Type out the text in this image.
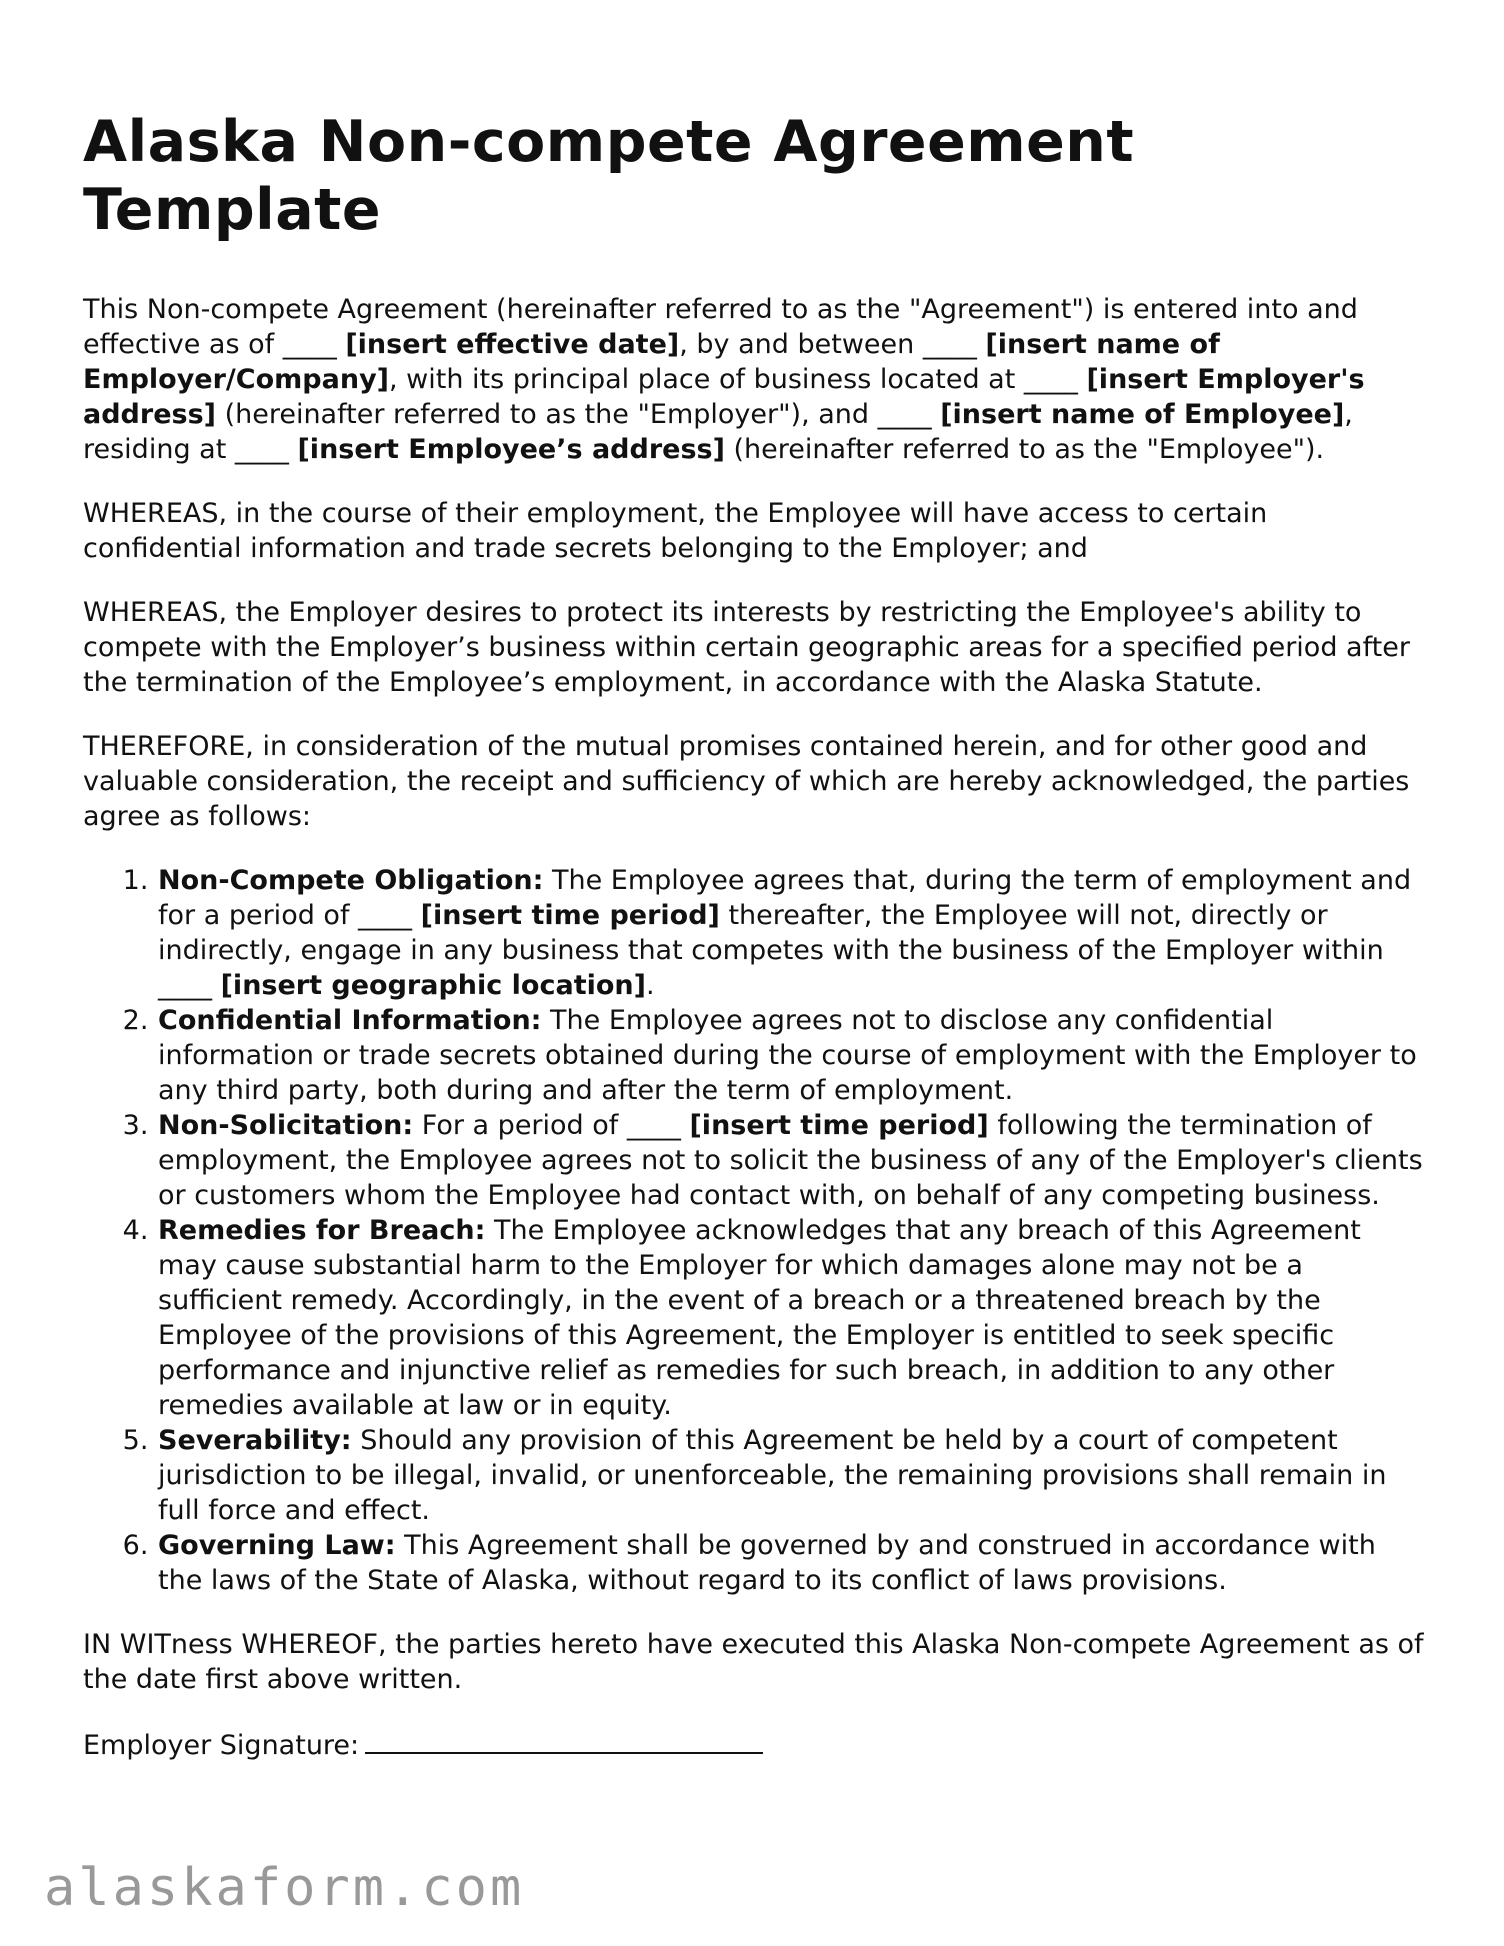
Alaska Non-compete Agreement Template

This Non-compete Agreement (hereinafter referred to as the "Agreement") is entered into and effective as of ____ [insert effective date], by and between ____ [insert name of Employer/Company], with its principal place of business located at ____ [insert Employer's address] (hereinafter referred to as the "Employer"), and ____ [insert name of Employee], residing at ____ [insert Employee’s address] (hereinafter referred to as the "Employee").

WHEREAS, in the course of their employment, the Employee will have access to certain confidential information and trade secrets belonging to the Employer; and

WHEREAS, the Employer desires to protect its interests by restricting the Employee's ability to compete with the Employer’s business within certain geographic areas for a specified period after the termination of the Employee’s employment, in accordance with the Alaska Statute.

THEREFORE, in consideration of the mutual promises contained herein, and for other good and valuable consideration, the receipt and sufficiency of which are hereby acknowledged, the parties agree as follows:

1. Non-Compete Obligation: The Employee agrees that, during the term of employment and for a period of ____ [insert time period] thereafter, the Employee will not, directly or indirectly, engage in any business that competes with the business of the Employer within ____ [insert geographic location].
2. Confidential Information: The Employee agrees not to disclose any confidential information or trade secrets obtained during the course of employment with the Employer to any third party, both during and after the term of employment.
3. Non-Solicitation: For a period of ____ [insert time period] following the termination of employment, the Employee agrees not to solicit the business of any of the Employer's clients or customers whom the Employee had contact with, on behalf of any competing business.
4. Remedies for Breach: The Employee acknowledges that any breach of this Agreement may cause substantial harm to the Employer for which damages alone may not be a sufficient remedy. Accordingly, in the event of a breach or a threatened breach by the Employee of the provisions of this Agreement, the Employer is entitled to seek specific performance and injunctive relief as remedies for such breach, in addition to any other remedies available at law or in equity.
5. Severability: Should any provision of this Agreement be held by a court of competent jurisdiction to be illegal, invalid, or unenforceable, the remaining provisions shall remain in full force and effect.
6. Governing Law: This Agreement shall be governed by and construed in accordance with the laws of the State of Alaska, without regard to its conflict of laws provisions.

IN WITness WHEREOF, the parties hereto have executed this Alaska Non-compete Agreement as of the date first above written.

Employer Signature:
alaskaform.com
